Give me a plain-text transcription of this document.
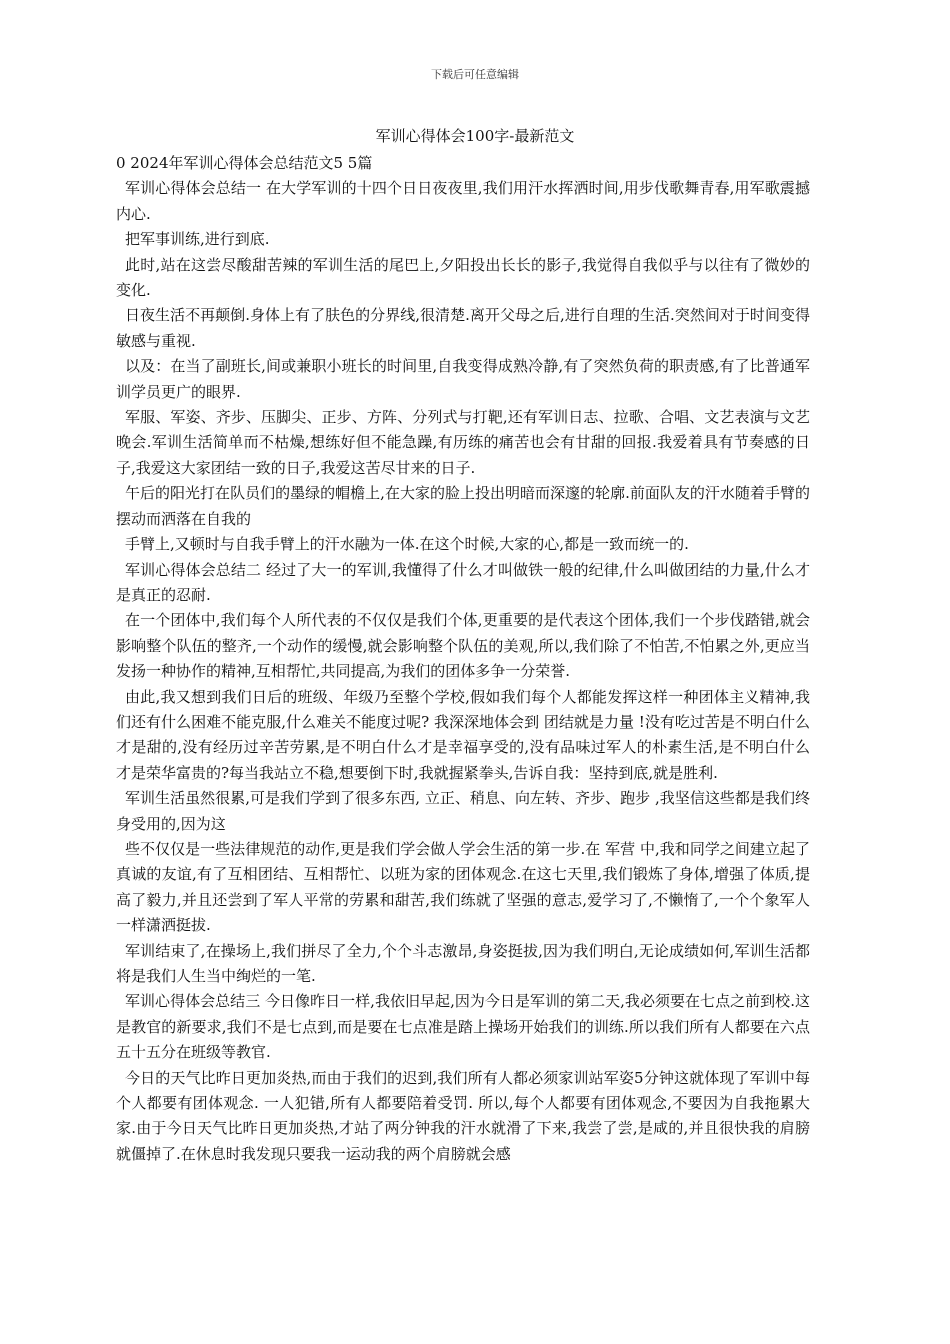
下载后可任意编辑
军训心得体会100字-最新范文

0 2024年军训心得体会总结范文5 5篇

军训心得体会总结一 在大学军训的十四个日日夜夜里,我们用汗水挥洒时间,用步伐歌舞青春,用军歌震撼内心.

把军事训练,进行到底.

此时,站在这尝尽酸甜苦辣的军训生活的尾巴上,夕阳投出长长的影子,我觉得自我似乎与以往有了微妙的变化.

日夜生活不再颠倒.身体上有了肤色的分界线,很清楚.离开父母之后,进行自理的生活.突然间对于时间变得敏感与重视.

以及：在当了副班长,间或兼职小班长的时间里,自我变得成熟冷静,有了突然负荷的职责感,有了比普通军训学员更广的眼界.

军服、军姿、齐步、压脚尖、正步、方阵、分列式与打靶,还有军训日志、拉歌、合唱、文艺表演与文艺晚会.军训生活简单而不枯燥,想练好但不能急躁,有历练的痛苦也会有甘甜的回报.我爱着具有节奏感的日子,我爱这大家团结一致的日子,我爱这苦尽甘来的日子.

午后的阳光打在队员们的墨绿的帽檐上,在大家的脸上投出明暗而深邃的轮廓.前面队友的汗水随着手臂的摆动而洒落在自我的

手臂上,又顿时与自我手臂上的汗水融为一体.在这个时候,大家的心,都是一致而统一的.

军训心得体会总结二 经过了大一的军训,我懂得了什么才叫做铁一般的纪律,什么叫做团结的力量,什么才是真正的忍耐.

在一个团体中,我们每个人所代表的不仅仅是我们个体,更重要的是代表这个团体,我们一个步伐踏错,就会影响整个队伍的整齐,一个动作的缓慢,就会影响整个队伍的美观,所以,我们除了不怕苦,不怕累之外,更应当发扬一种协作的精神,互相帮忙,共同提高,为我们的团体多争一分荣誉.

由此,我又想到我们日后的班级、年级乃至整个学校,假如我们每个人都能发挥这样一种团体主义精神,我们还有什么困难不能克服,什么难关不能度过呢? 我深深地体会到 团结就是力量 !没有吃过苦是不明白什么才是甜的,没有经历过辛苦劳累,是不明白什么才是幸福享受的,没有品味过军人的朴素生活,是不明白什么才是荣华富贵的?每当我站立不稳,想要倒下时,我就握紧拳头,告诉自我：坚持到底,就是胜利.

军训生活虽然很累,可是我们学到了很多东西, 立正、稍息、向左转、齐步、跑步 ,我坚信这些都是我们终身受用的,因为这

些不仅仅是一些法律规范的动作,更是我们学会做人学会生活的第一步.在 军营 中,我和同学之间建立起了真诚的友谊,有了互相团结、互相帮忙、以班为家的团体观念.在这七天里,我们锻炼了身体,增强了体质,提高了毅力,并且还尝到了军人平常的劳累和甜苦,我们练就了坚强的意志,爱学习了,不懒惰了,一个个象军人一样潇洒挺拔.

军训结束了,在操场上,我们拼尽了全力,个个斗志激昂,身姿挺拔,因为我们明白,无论成绩如何,军训生活都将是我们人生当中绚烂的一笔.

军训心得体会总结三 今日像昨日一样,我依旧早起,因为今日是军训的第二天,我必须要在七点之前到校.这是教官的新要求,我们不是七点到,而是要在七点准是踏上操场开始我们的训练.所以我们所有人都要在六点五十五分在班级等教官.

今日的天气比昨日更加炎热,而由于我们的迟到,我们所有人都必须家训站军姿5分钟这就体现了军训中每个人都要有团体观念. 一人犯错,所有人都要陪着受罚. 所以,每个人都要有团体观念,不要因为自我拖累大家.由于今日天气比昨日更加炎热,才站了两分钟我的汗水就滑了下来,我尝了尝,是咸的,并且很快我的肩膀就僵掉了.在休息时我发现只要我一运动我的两个肩膀就会感
